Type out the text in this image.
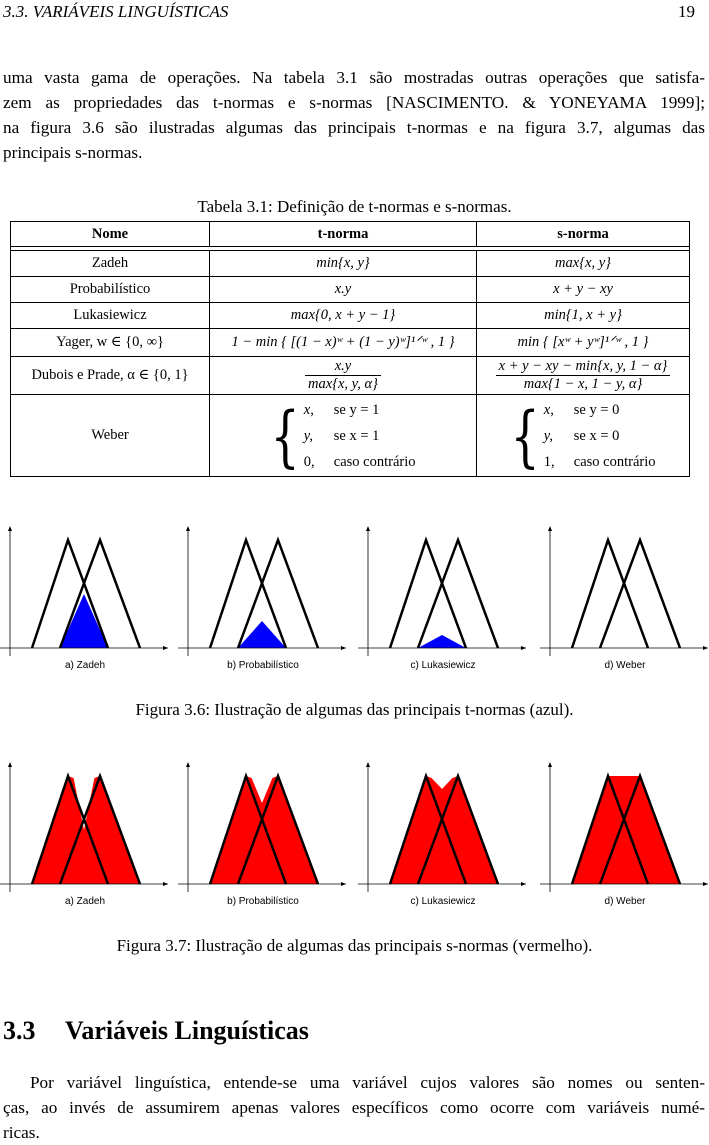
3.3. VARIÁVEIS LINGUÍSTICAS	19
uma vasta gama de operações. Na tabela 3.1 são mostradas outras operações que satisfa-
zem as propriedades das t-normas e s-normas [NASCIMENTO. & YONEYAMA 1999];
na figura 3.6 são ilustradas algumas das principais t-normas e na figura 3.7, algumas das
principais s-normas.
Tabela 3.1: Definição de t-normas e s-normas.
Nome	t-norma	s-norma

Zadeh	min{x, y}	max{x, y}
Probabilístico	x.y	x + y − xy
Lukasiewicz	max{0, x + y − 1}	min{1, x + y}
Yager, w ∈ {0, ∞}	1 − min { [(1 − x)ʷ + (1 − y)ʷ]¹ᐟʷ , 1 }	min { [xʷ + yʷ]¹ᐟʷ , 1 }
Dubois e Prade, α ∈ {0, 1}	$\frac{x.y}{\max\{x, y, \alpha\}}$	$\frac{x + y - xy - \min\{x, y, 1 - \alpha\}}{\max\{1 - x, 1 - y, \alpha\}}$

Weber	{ x, se y = 1
y, se x = 1
0, caso contrário	{ x, se y = 0
y, se x = 0
1, caso contrário
a) Zadeh	b) Probabilístico	c) Lukasiewicz	d) Weber
Figura 3.6: Ilustração de algumas das principais t-normas (azul).
a) Zadeh	b) Probabilístico	c) Lukasiewicz	d) Weber
Figura 3.7: Ilustração de algumas das principais s-normas (vermelho).
3.3 Variáveis Linguísticas
Por variável linguística, entende-se uma variável cujos valores são nomes ou senten-
ças, ao invés de assumirem apenas valores específicos como ocorre com variáveis numé-
ricas.
